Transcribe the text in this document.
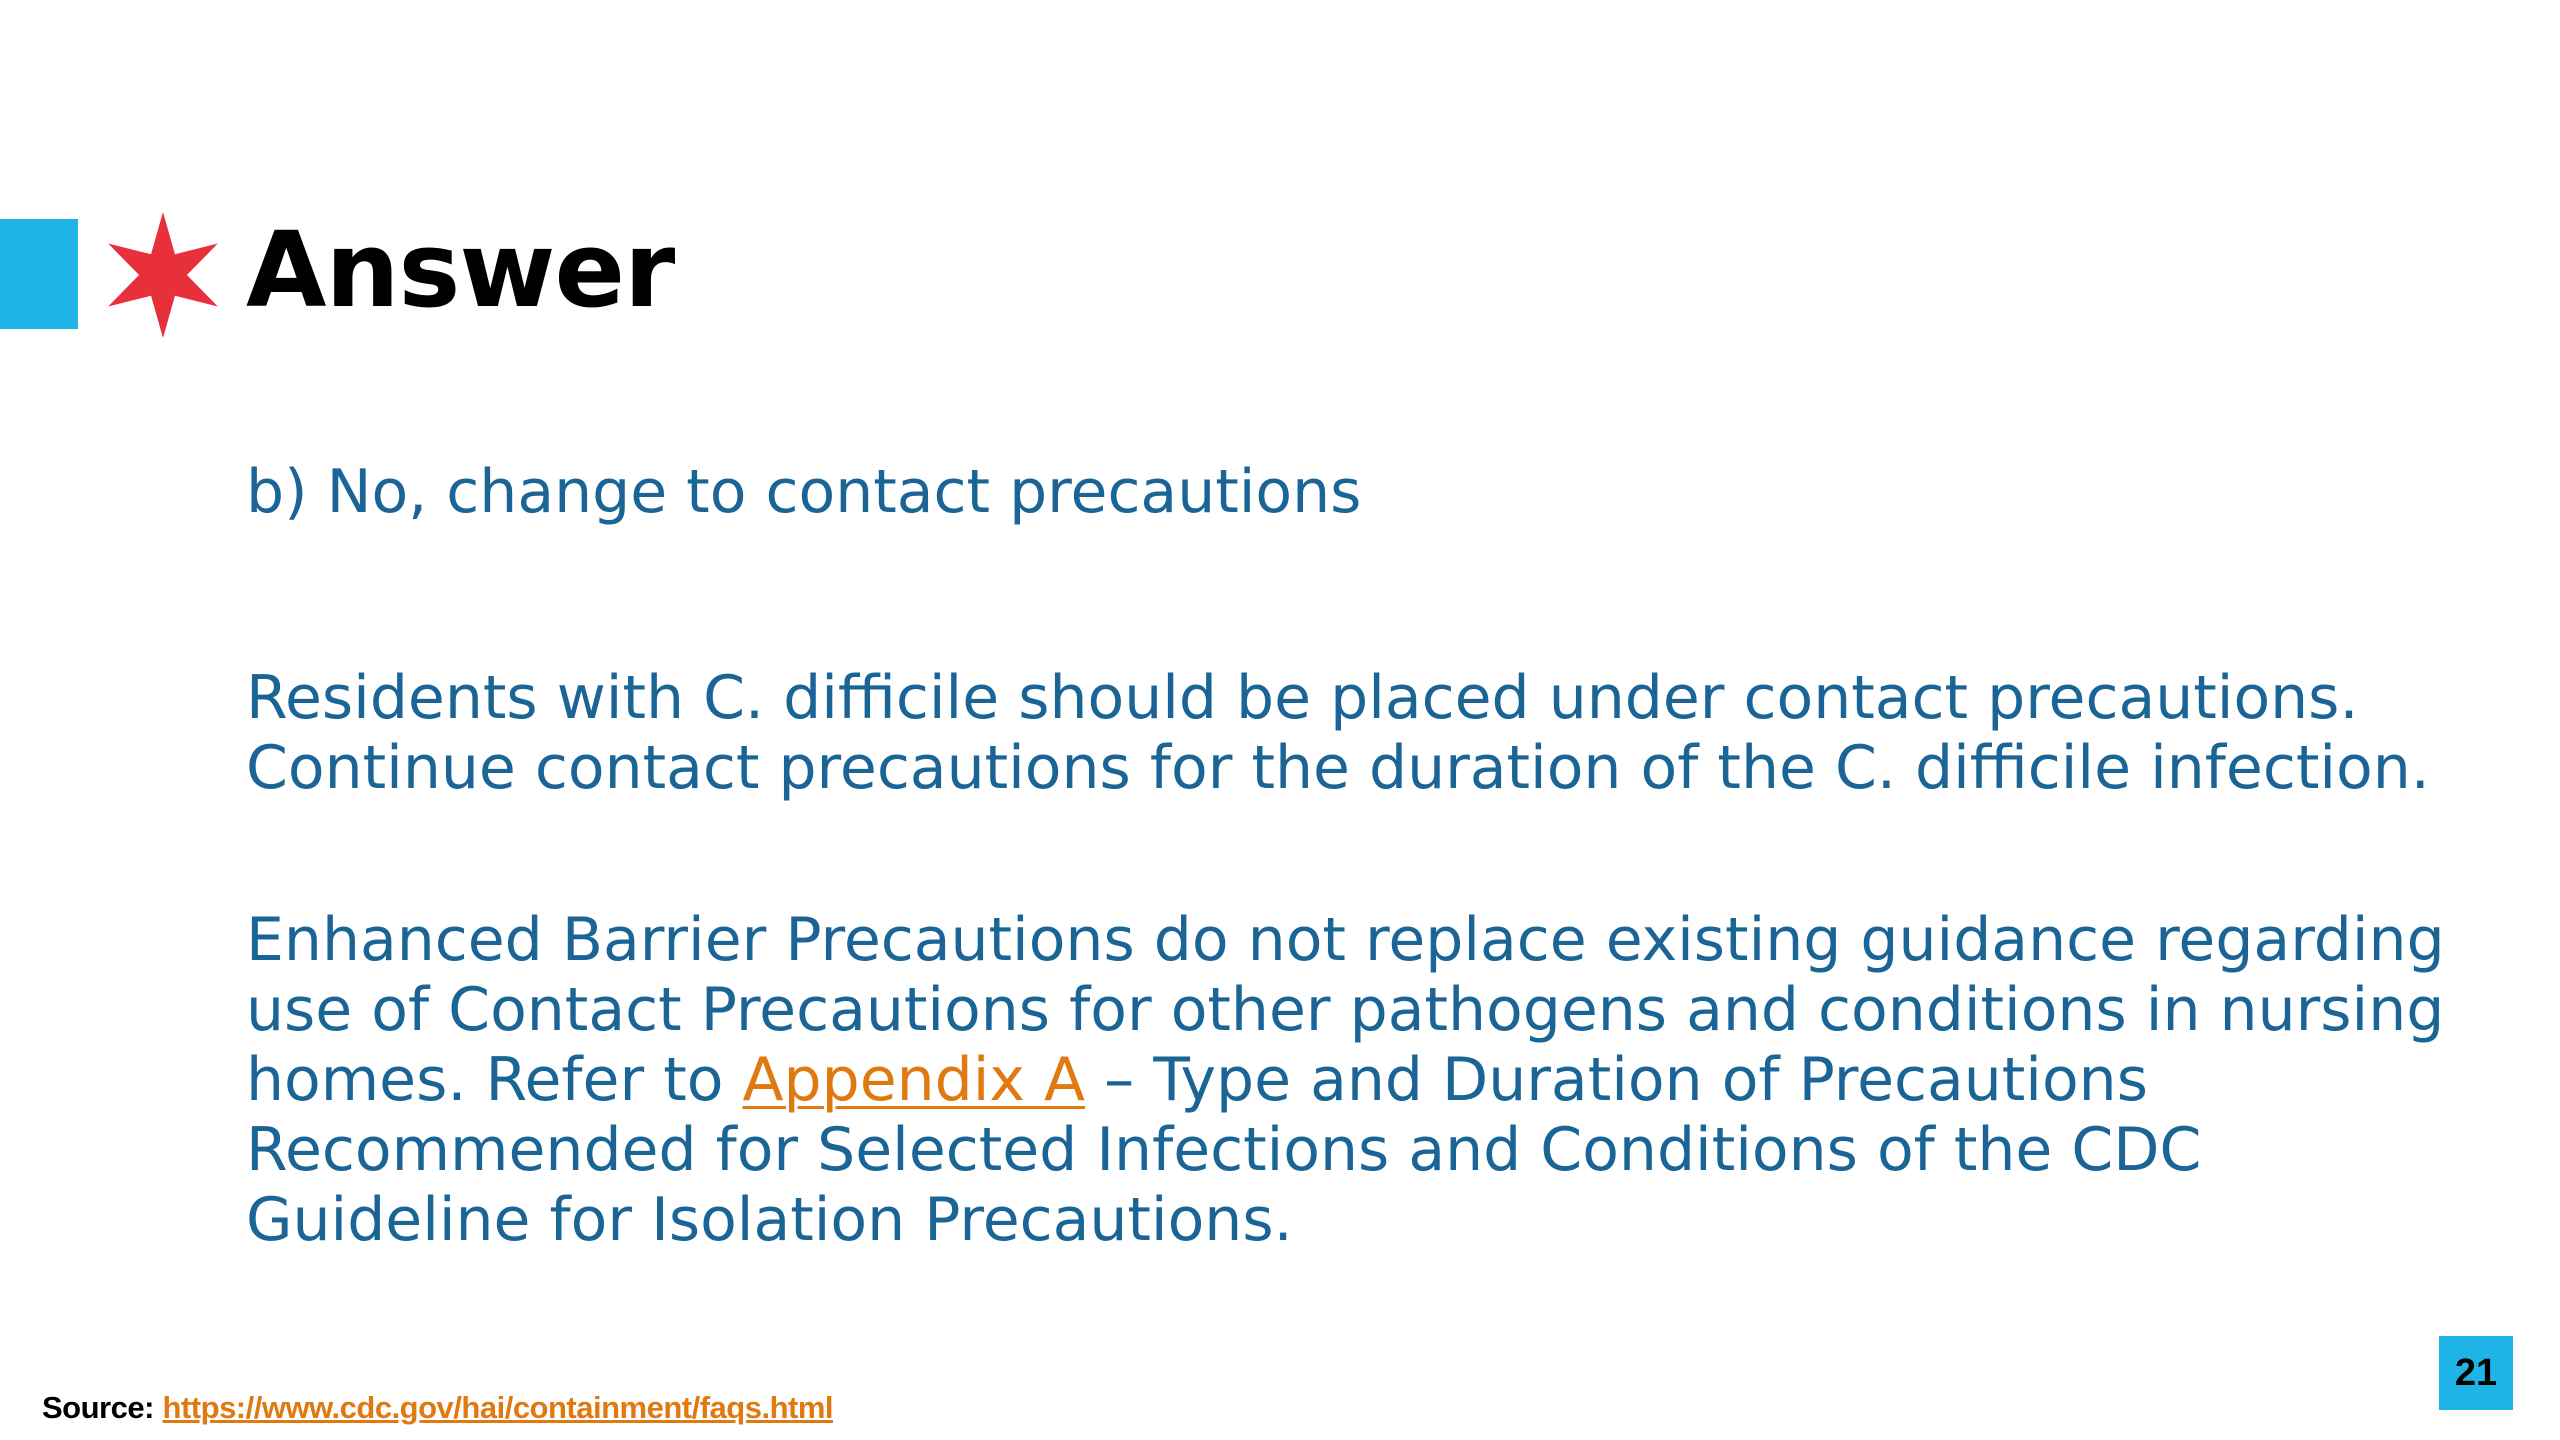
Answer

b) No, change to contact precautions

Residents with C. difficile should be placed under contact precautions. Continue contact precautions for the duration of the C. difficile infection.

Enhanced Barrier Precautions do not replace existing guidance regarding use of Contact Precautions for other pathogens and conditions in nursing homes. Refer to Appendix A – Type and Duration of Precautions Recommended for Selected Infections and Conditions of the CDC Guideline for Isolation Precautions.

Source: https://www.cdc.gov/hai/containment/faqs.html
21
